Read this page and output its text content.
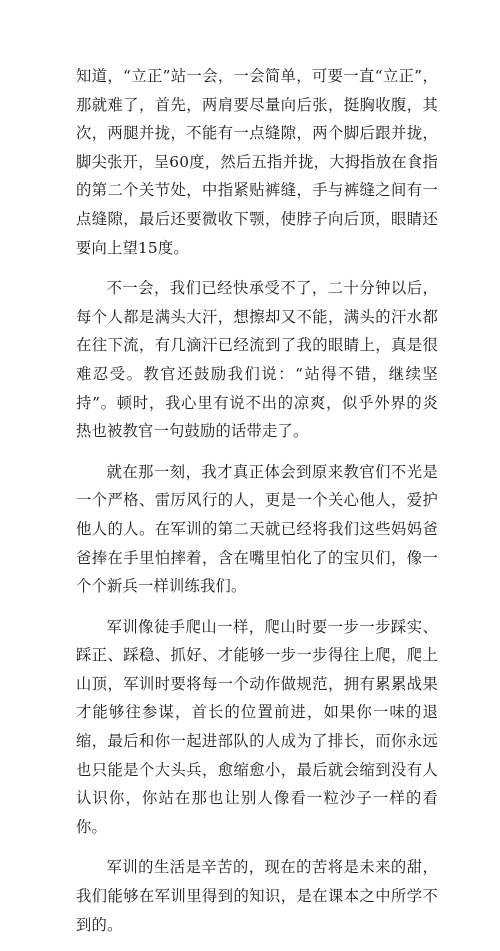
知道，“立正”站一会，一会简单，可要一直“立正”，那就难了，首先，两肩要尽量向后张，挺胸收腹，其次，两腿并拢，不能有一点缝隙，两个脚后跟并拢，脚尖张开，呈60度，然后五指并拢，大拇指放在食指的第二个关节处，中指紧贴裤缝，手与裤缝之间有一点缝隙，最后还要微收下颚，使脖子向后顶，眼睛还要向上望15度。

不一会，我们已经快承受不了，二十分钟以后，每个人都是满头大汗，想擦却又不能，满头的汗水都在往下流，有几滴汗已经流到了我的眼睛上，真是很难忍受。教官还鼓励我们说：“站得不错，继续坚持”。顿时，我心里有说不出的凉爽，似乎外界的炎热也被教官一句鼓励的话带走了。

就在那一刻，我才真正体会到原来教官们不光是一个严格、雷厉风行的人，更是一个关心他人，爱护他人的人。在军训的第二天就已经将我们这些妈妈爸爸捧在手里怕摔着，含在嘴里怕化了的宝贝们，像一个个新兵一样训练我们。

军训像徒手爬山一样，爬山时要一步一步踩实、踩正、踩稳、抓好、才能够一步一步得往上爬，爬上山顶，军训时要将每一个动作做规范，拥有累累战果才能够往参谋，首长的位置前进，如果你一味的退缩，最后和你一起进部队的人成为了排长，而你永远也只能是个大头兵，愈缩愈小，最后就会缩到没有人认识你，你站在那也让别人像看一粒沙子一样的看你。

军训的生活是辛苦的，现在的苦将是未来的甜，我们能够在军训里得到的知识，是在课本之中所学不到的。
